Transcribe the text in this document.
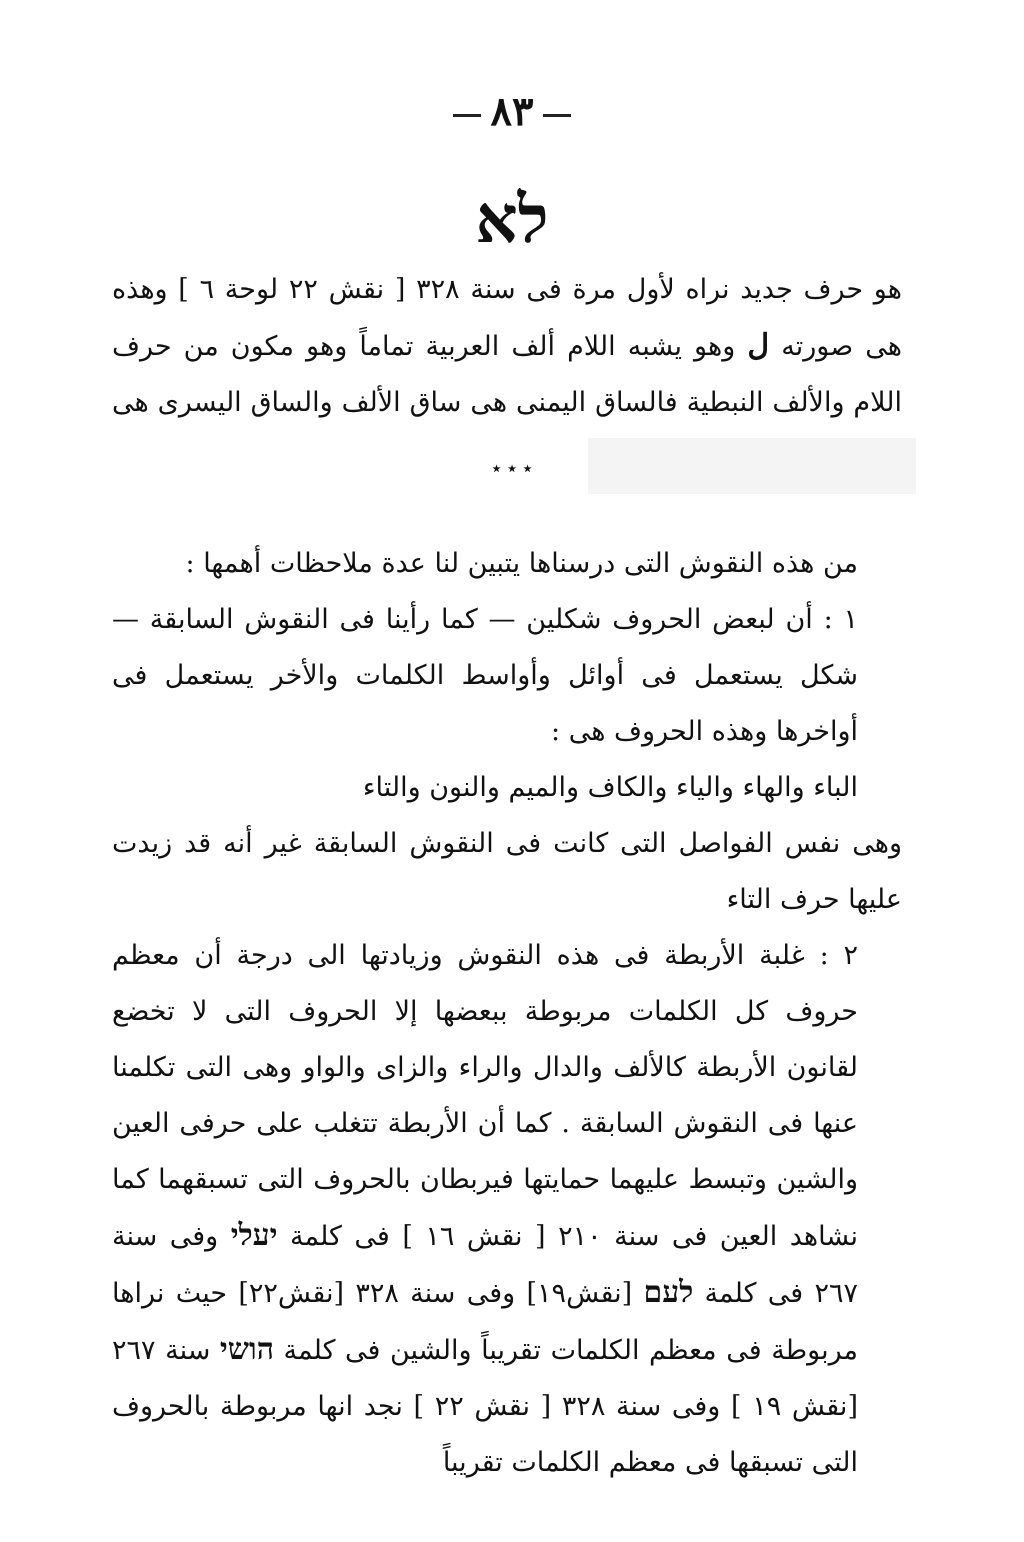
٨٣
לא

هو حرف جديد نراه لأول مرة فى سنة ٣٢٨ [ نقش ٢٢ لوحة ٦ ] وهذه هى صورته ل وهو يشبه اللام ألف العربية تماماً وهو مكون من حرف اللام والألف النبطية فالساق اليمنى هى ساق الألف والساق اليسرى هى

٭ ٭ ٭

من هذه النقوش التى درسناها يتبين لنا عدة ملاحظات أهمها :

١ : أن لبعض الحروف شكلين — كما رأينا فى النقوش السابقة — شكل يستعمل فى أوائل وأواسط الكلمات والأخر يستعمل فى أواخرها وهذه الحروف هى :

الباء والهاء والياء والكاف والميم والنون والتاء

وهى نفس الفواصل التى كانت فى النقوش السابقة غير أنه قد زيدت عليها حرف التاء

٢ : غلبة الأربطة فى هذه النقوش وزيادتها الى درجة أن معظم حروف كل الكلمات مربوطة ببعضها إلا الحروف التى لا تخضع لقانون الأربطة كالألف والدال والراء والزاى والواو وهى التى تكلمنا عنها فى النقوش السابقة . كما أن الأربطة تتغلب على حرفى العين والشين وتبسط عليهما حمايتها فيربطان بالحروف التى تسبقهما كما نشاهد العين فى سنة ٢١٠ [ نقش ١٦ ] فى كلمة יעלי وفى سنة ٢٦٧ فى كلمة לעם [نقش١٩] وفى سنة ٣٢٨ [نقش٢٢] حيث نراها مربوطة فى معظم الكلمات تقريباً والشين فى كلمة הושי سنة ٢٦٧ [نقش ١٩ ] وفى سنة ٣٢٨ [ نقش ٢٢ ] نجد انها مربوطة بالحروف التى تسبقها فى معظم الكلمات تقريباً
